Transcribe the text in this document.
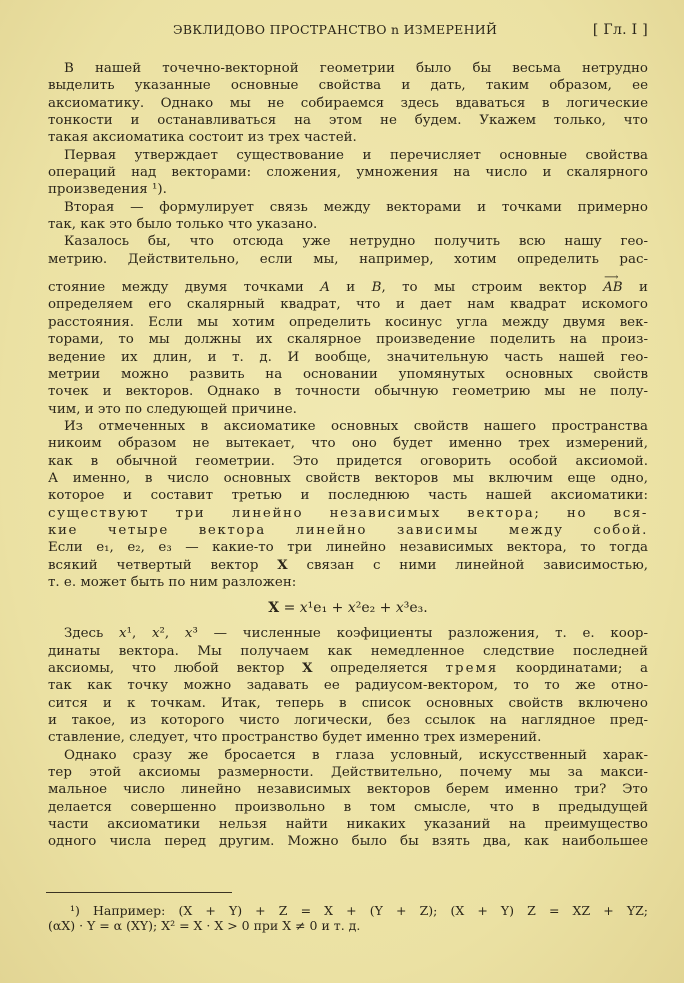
ЭВКЛИДОВО ПРОСТРАНСТВО n ИЗМЕРЕНИЙ	[ Гл. I ]
В нашей точечно-векторной геометрии было бы весьма нетрудно
выделить указанные основные свойства и дать, таким образом, ее
аксиоматику. Однако мы не собираемся здесь вдаваться в логические
тонкости и останавливаться на этом не будем. Укажем только, что
такая аксиоматика состоит из трех частей.
Первая утверждает существование и перечисляет основные свойства
операций над векторами: сложения, умножения на число и скалярного
произведения ¹).
Вторая — формулирует связь между векторами и точками примерно
так, как это было только что указано.
Казалось бы, что отсюда уже нетрудно получить всю нашу гео-
метрию. Действительно, если мы, например, хотим определить рас-
стояние между двумя точками A и B, то мы строим вектор ⟶ AB и
определяем его скалярный квадрат, что и дает нам квадрат искомого
расстояния. Если мы хотим определить косинус угла между двумя век-
торами, то мы должны их скалярное произведение поделить на произ-
ведение их длин, и т. д. И вообще, значительную часть нашей гео-
метрии можно развить на основании упомянутых основных свойств
точек и векторов. Однако в точности обычную геометрию мы не полу-
чим, и это по следующей причине.
Из отмеченных в аксиоматике основных свойств нашего пространства
никоим образом не вытекает, что оно будет именно трех измерений,
как в обычной геометрии. Это придется оговорить особой аксиомой.
А именно, в число основных свойств векторов мы включим еще одно,
которое и составит третью и последнюю часть нашей аксиоматики:
существуют три линейно независимых вектора; но вся-
кие четыре вектора линейно зависимы между собой.
Если e₁, e₂, e₃ — какие-то три линейно независимых вектора, то тогда
всякий четвертый вектор X связан с ними линейной зависимостью,
т. е. может быть по ним разложен:
X = x¹e₁ + x²e₂ + x³e₃.
Здесь x¹, x², x³ — численные коэфициенты разложения, т. е. коор-
динаты вектора. Мы получаем как немедленное следствие последней
аксиомы, что любой вектор X определяется тремя координатами; а
так как точку можно задавать ее радиусом-вектором, то то же отно-
сится и к точкам. Итак, теперь в список основных свойств включено
и такое, из которого чисто логически, без ссылок на наглядное пред-
ставление, следует, что пространство будет именно трех измерений.
Однако сразу же бросается в глаза условный, искусственный харак-
тер этой аксиомы размерности. Действительно, почему мы за макси-
мальное число линейно независимых векторов берем именно три? Это
делается совершенно произвольно в том смысле, что в предыдущей
части аксиоматики нельзя найти никаких указаний на преимущество
одного числа перед другим. Можно было бы взять два, как наибольшее
¹) Например: (X + Y) + Z = X + (Y + Z); (X + Y) Z = XZ + YZ;
(αX) · Y = α (XY); X² = X · X > 0 при X ≠ 0 и т. д.
